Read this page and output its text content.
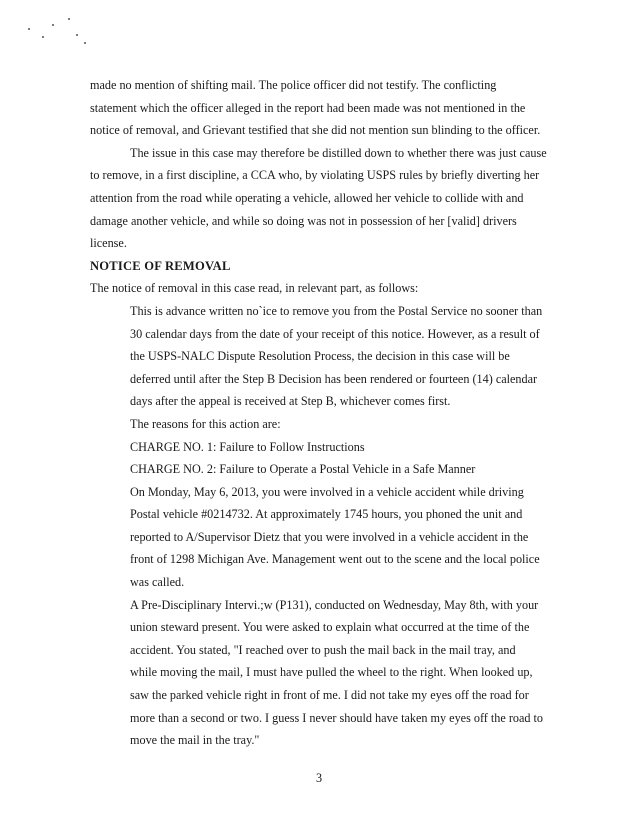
made no mention of shifting mail. The police officer did not testify. The conflicting
statement which the officer alleged in the report had been made was not mentioned in the
notice of removal, and Grievant testified that she did not mention sun blinding to the officer.
The issue in this case may therefore be distilled down to whether there was just cause
to remove, in a first discipline, a CCA who, by violating USPS rules by briefly diverting her
attention from the road while operating a vehicle, allowed her vehicle to collide with and
damage another vehicle, and while so doing was not in possession of her [valid] drivers
license.
NOTICE OF REMOVAL
The notice of removal in this case read, in relevant part, as follows:
This is advance written no`ice to remove you from the Postal Service no sooner than
30 calendar days from the date of your receipt of this notice. However, as a result of
the USPS-NALC Dispute Resolution Process, the decision in this case will be
deferred until after the Step B Decision has been rendered or fourteen (14) calendar
days after the appeal is received at Step B, whichever comes first.
The reasons for this action are:
CHARGE NO. 1: Failure to Follow Instructions
CHARGE NO. 2: Failure to Operate a Postal Vehicle in a Safe Manner
On Monday, May 6, 2013, you were involved in a vehicle accident while driving
Postal vehicle #0214732. At approximately 1745 hours, you phoned the unit and
reported to A/Supervisor Dietz that you were involved in a vehicle accident in the
front of 1298 Michigan Ave. Management went out to the scene and the local police
was called.
A Pre-Disciplinary Intervi.;w (P131), conducted on Wednesday, May 8th, with your
union steward present. You were asked to explain what occurred at the time of the
accident. You stated, "I reached over to push the mail back in the mail tray, and
while moving the mail, I must have pulled the wheel to the right. When looked up,
saw the parked vehicle right in front of me. I did not take my eyes off the road for
more than a second or two. I guess I never should have taken my eyes off the road to
move the mail in the tray."
3
